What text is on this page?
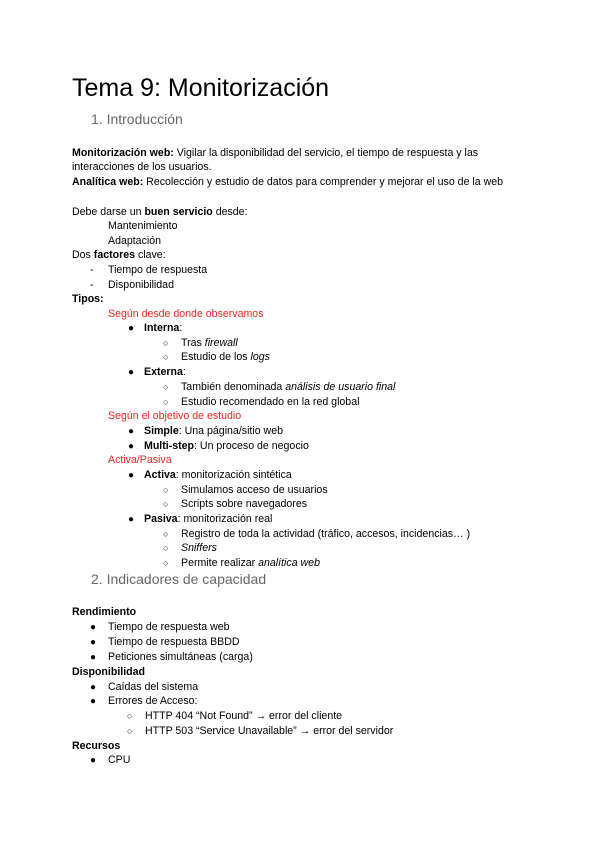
Tema 9: Monitorización
1. Introducción
Monitorización web: Vigilar la disponibilidad del servicio, el tiempo de respuesta y las
interacciones de los usuarios.
Analítica web: Recolección y estudio de datos para comprender y mejorar el uso de la web
Debe darse un buen servicio desde:
Mantenimiento
Adaptación
Dos factores clave:
- Tiempo de respuesta
- Disponibilidad
Tipos:
Según desde donde observamos
● Interna:
○ Tras firewall
○ Estudio de los logs
● Externa:
○ También denominada análisis de usuario final
○ Estudio recomendado en la red global
Según el objetivo de estudio
● Simple: Una página/sitio web
● Multi-step: Un proceso de negocio
Activa/Pasiva
● Activa: monitorización sintética
○ Simulamos acceso de usuarios
○ Scripts sobre navegadores
● Pasiva: monitorización real
○ Registro de toda la actividad (tráfico, accesos, incidencias… )
○ Sniffers
○ Permite realizar analítica web
2. Indicadores de capacidad
Rendimiento
● Tiempo de respuesta web
● Tiempo de respuesta BBDD
● Peticiones simultáneas (carga)
Disponibilidad
● Caídas del sistema
● Errores de Acceso:
○ HTTP 404 “Not Found” → error del cliente
○ HTTP 503 “Service Unavailable” → error del servidor
Recursos
● CPU
